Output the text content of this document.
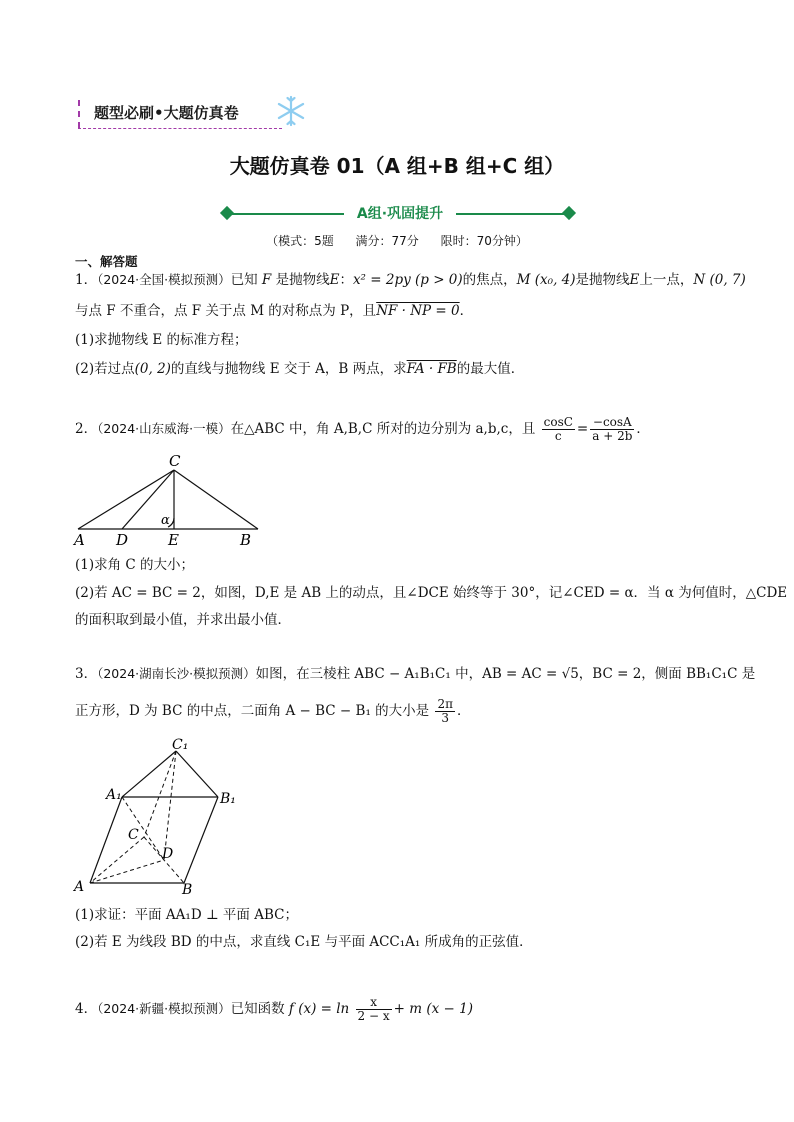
题型必刷•大题仿真卷
大题仿真卷 01（A 组+B 组+C 组）
A组·巩固提升
（模式：5题 满分：77分 限时：70分钟）
一、解答题
1．（2024·全国·模拟预测）已知 F 是抛物线E：x² = 2py (p > 0)的焦点，M (x₀, 4)是抛物线E上一点，N (0, 7)
与点 F 不重合，点 F 关于点 M 的对称点为 P，且NF · NP = 0．
(1)求抛物线 E 的标准方程；
(2)若过点(0, 2)的直线与抛物线 E 交于 A，B 两点，求FA · FB的最大值．
2．（2024·山东威海·一模）在△ABC 中，角 A,B,C 所对的边分别为 a,b,c，且 $\frac{\cos C}{c} = \frac{-\cos A}{a + 2b}$ ．
C
A D	E	B
α
(1)求角 C 的大小；
(2)若 AC = BC = 2，如图，D,E 是 AB 上的动点，且∠DCE 始终等于 30°，记∠CED = α．当 α 为何值时，△CDE
的面积取到最小值，并求出最小值．
3．（2024·湖南长沙·模拟预测）如图，在三棱柱 ABC − A₁B₁C₁ 中，AB = AC = √5，BC = 2，侧面 BB₁C₁C 是
正方形，D 为 BC 的中点，二面角 A − BC − B₁ 的大小是 $\frac{2\pi}{3}$ ．
C₁
A₁	B₁
C
D
A	B
(1)求证：平面 AA₁D ⊥ 平面 ABC；
(2)若 E 为线段 BD 的中点，求直线 C₁E 与平面 ACC₁A₁ 所成角的正弦值．
4．（2024·新疆·模拟预测）已知函数 f $(x) = \ln \frac{x}{2 - x} + m$ (x − 1)
